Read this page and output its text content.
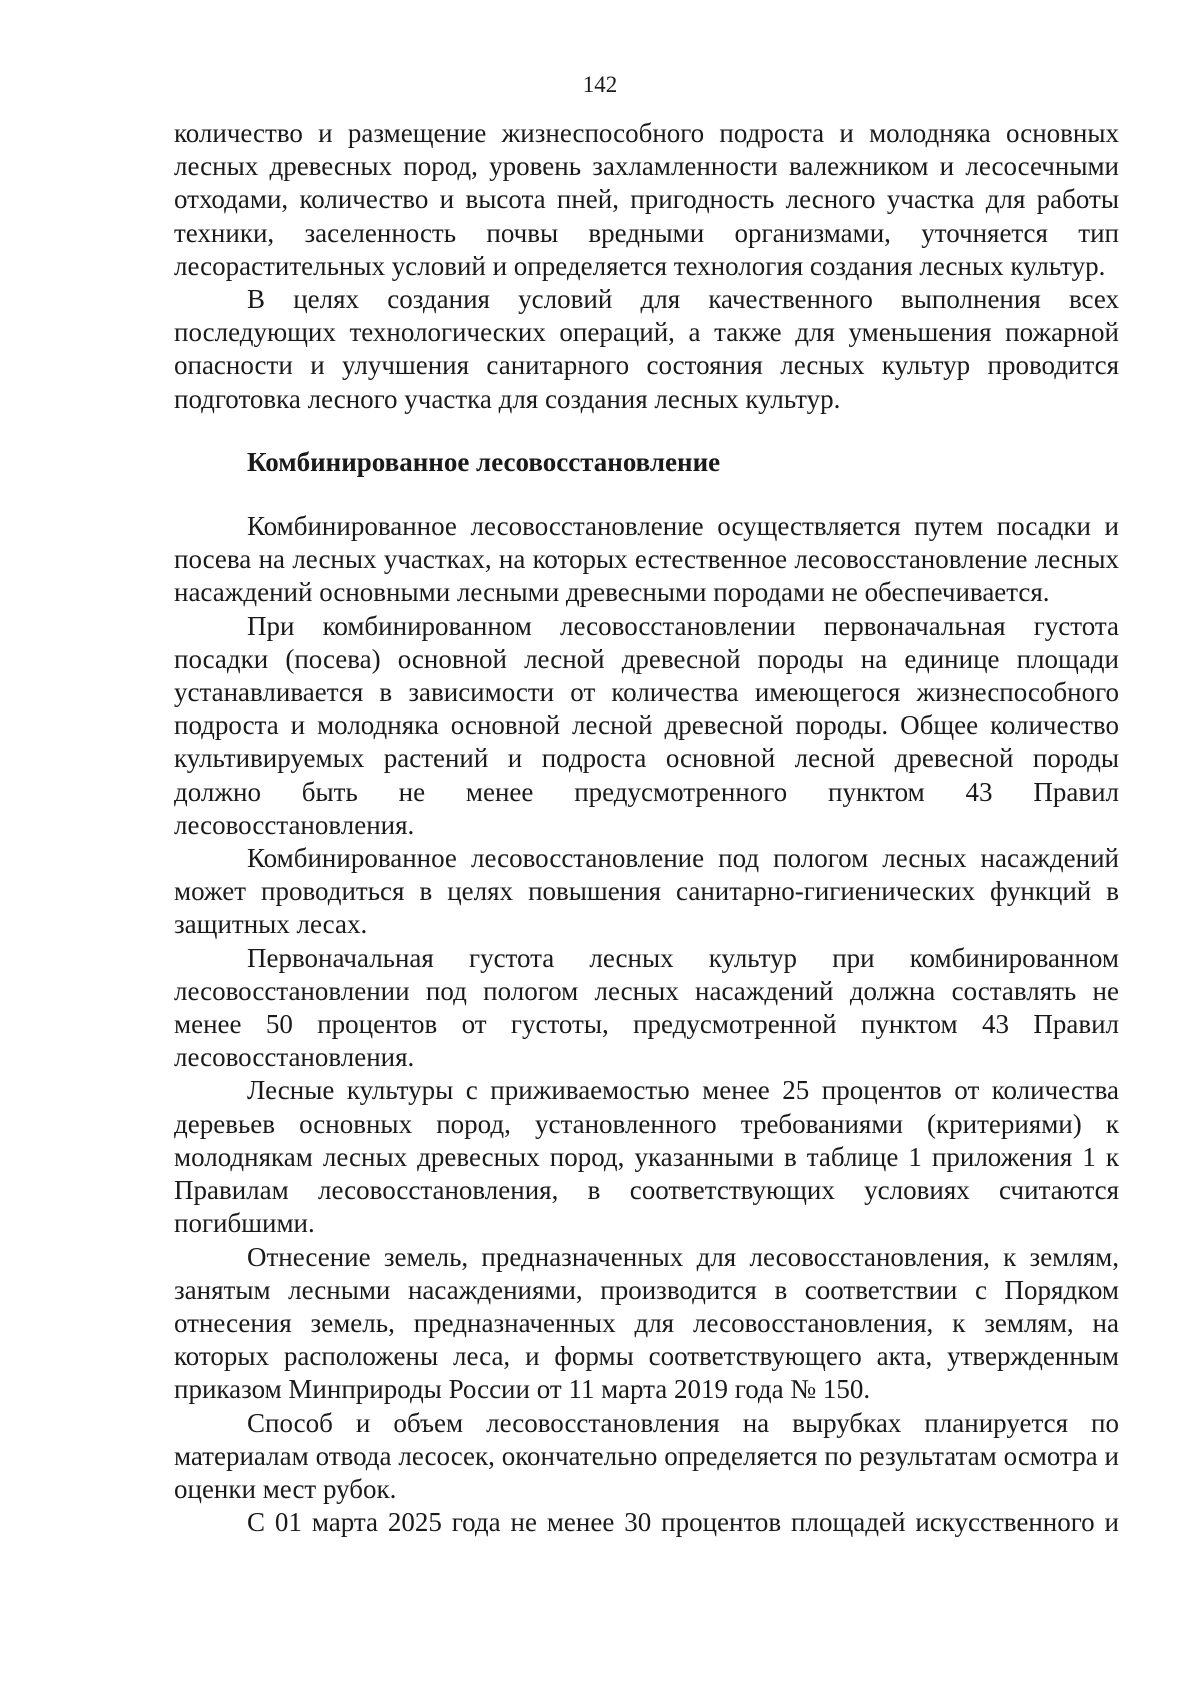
142

количество и размещение жизнеспособного подроста и молодняка основных лесных древесных пород, уровень захламленности валежником и лесосечными отходами, количество и высота пней, пригодность лесного участка для работы техники, заселенность почвы вредными организмами, уточняется тип лесорастительных условий и определяется технология создания лесных культур.

В целях создания условий для качественного выполнения всех последующих технологических операций, а также для уменьшения пожарной опасности и улучшения санитарного состояния лесных культур проводится подготовка лесного участка для создания лесных культур.

Комбинированное лесовосстановление

Комбинированное лесовосстановление осуществляется путем посадки и посева на лесных участках, на которых естественное лесовосстановление лесных насаждений основными лесными древесными породами не обеспечивается.

При комбинированном лесовосстановлении первоначальная густота посадки (посева) основной лесной древесной породы на единице площади устанавливается в зависимости от количества имеющегося жизнеспособного подроста и молодняка основной лесной древесной породы. Общее количество культивируемых растений и подроста основной лесной древесной породы должно быть не менее предусмотренного пунктом 43 Правил лесовосстановления.

Комбинированное лесовосстановление под пологом лесных насаждений может проводиться в целях повышения санитарно-гигиенических функций в защитных лесах.

Первоначальная густота лесных культур при комбинированном лесовосстановлении под пологом лесных насаждений должна составлять не менее 50 процентов от густоты, предусмотренной пунктом 43 Правил лесовосстановления.

Лесные культуры с приживаемостью менее 25 процентов от количества деревьев основных пород, установленного требованиями (критериями) к молоднякам лесных древесных пород, указанными в таблице 1 приложения 1 к Правилам лесовосстановления, в соответствующих условиях считаются погибшими.

Отнесение земель, предназначенных для лесовосстановления, к землям, занятым лесными насаждениями, производится в соответствии с Порядком отнесения земель, предназначенных для лесовосстановления, к землям, на которых расположены леса, и формы соответствующего акта, утвержденным приказом Минприроды России от 11 марта 2019 года № 150.

Способ и объем лесовосстановления на вырубках планируется по материалам отвода лесосек, окончательно определяется по результатам осмотра и оценки мест рубок.

С 01 марта 2025 года не менее 30 процентов площадей искусственного и
